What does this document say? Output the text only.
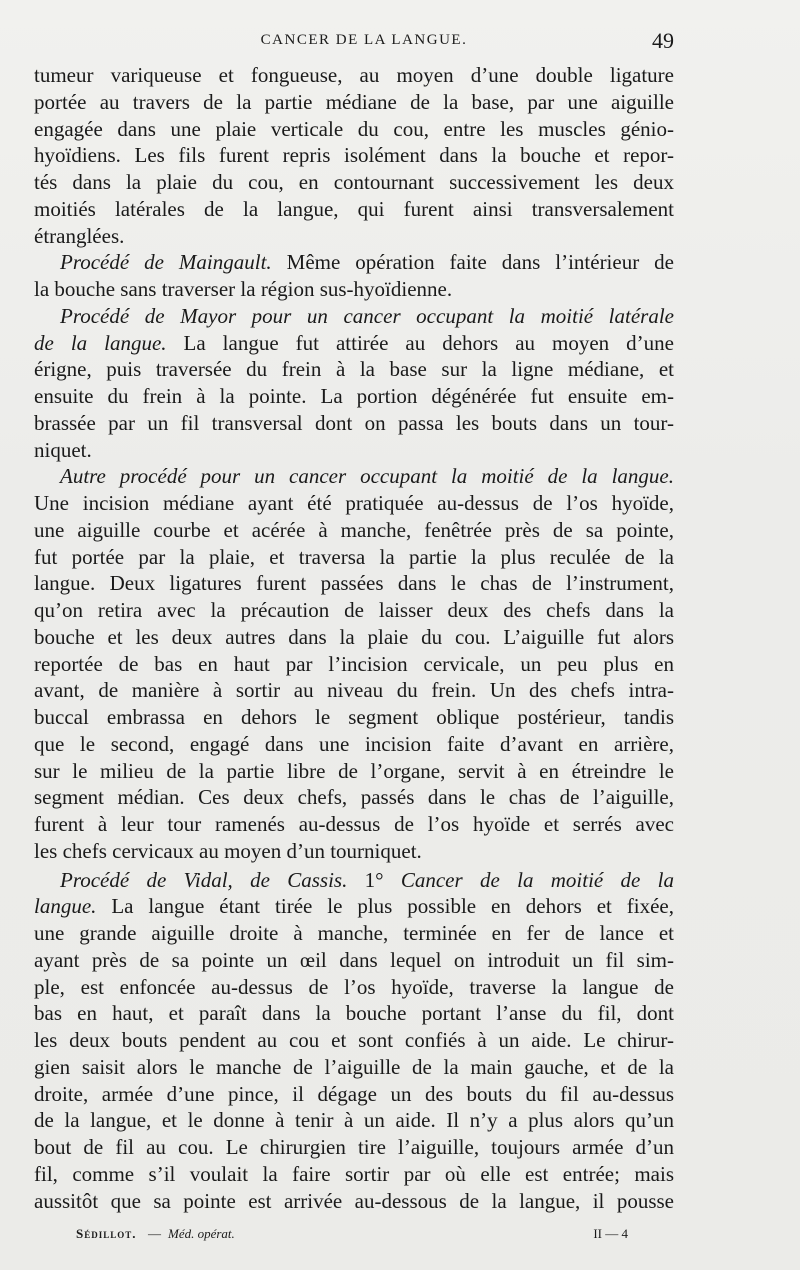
CANCER DE LA LANGUE.	49
tumeur variqueuse et fongueuse, au moyen d’une double ligature
portée au travers de la partie médiane de la base, par une aiguille
engagée dans une plaie verticale du cou, entre les muscles génio-
hyoïdiens. Les fils furent repris isolément dans la bouche et repor-
tés dans la plaie du cou, en contournant successivement les deux
moitiés latérales de la langue, qui furent ainsi transversalement
étranglées.
Procédé de Maingault. Même opération faite dans l’intérieur de
la bouche sans traverser la région sus-hyoïdienne.
Procédé de Mayor pour un cancer occupant la moitié latérale
de la langue. La langue fut attirée au dehors au moyen d’une
érigne, puis traversée du frein à la base sur la ligne médiane, et
ensuite du frein à la pointe. La portion dégénérée fut ensuite em-
brassée par un fil transversal dont on passa les bouts dans un tour-
niquet.
Autre procédé pour un cancer occupant la moitié de la langue.
Une incision médiane ayant été pratiquée au-dessus de l’os hyoïde,
une aiguille courbe et acérée à manche, fenêtrée près de sa pointe,
fut portée par la plaie, et traversa la partie la plus reculée de la
langue. Deux ligatures furent passées dans le chas de l’instrument,
qu’on retira avec la précaution de laisser deux des chefs dans la
bouche et les deux autres dans la plaie du cou. L’aiguille fut alors
reportée de bas en haut par l’incision cervicale, un peu plus en
avant, de manière à sortir au niveau du frein. Un des chefs intra-
buccal embrassa en dehors le segment oblique postérieur, tandis
que le second, engagé dans une incision faite d’avant en arrière,
sur le milieu de la partie libre de l’organe, servit à en étreindre le
segment médian. Ces deux chefs, passés dans le chas de l’aiguille,
furent à leur tour ramenés au-dessus de l’os hyoïde et serrés avec
les chefs cervicaux au moyen d’un tourniquet.
Procédé de Vidal, de Cassis. 1° Cancer de la moitié de la
langue. La langue étant tirée le plus possible en dehors et fixée,
une grande aiguille droite à manche, terminée en fer de lance et
ayant près de sa pointe un œil dans lequel on introduit un fil sim-
ple, est enfoncée au-dessus de l’os hyoïde, traverse la langue de
bas en haut, et paraît dans la bouche portant l’anse du fil, dont
les deux bouts pendent au cou et sont confiés à un aide. Le chirur-
gien saisit alors le manche de l’aiguille de la main gauche, et de la
droite, armée d’une pince, il dégage un des bouts du fil au-dessus
de la langue, et le donne à tenir à un aide. Il n’y a plus alors qu’un
bout de fil au cou. Le chirurgien tire l’aiguille, toujours armée d’un
fil, comme s’il voulait la faire sortir par où elle est entrée; mais
aussitôt que sa pointe est arrivée au-dessous de la langue, il pousse
Sédillot. — Méd. opérat.	II — 4
